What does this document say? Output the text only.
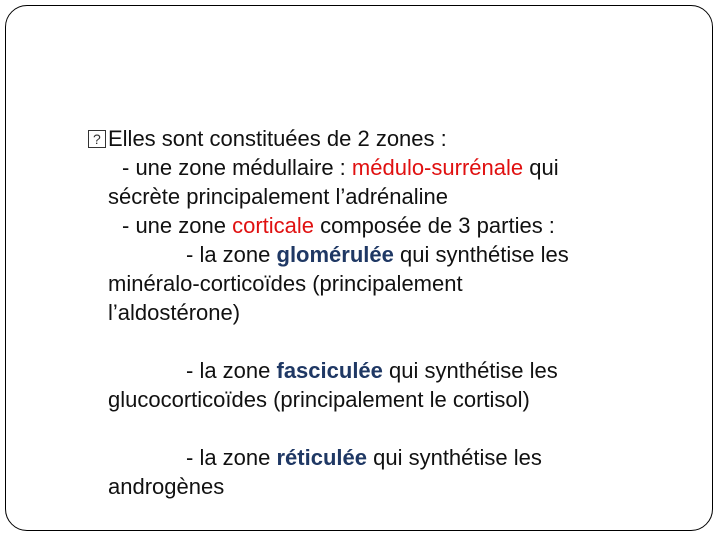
?Elles sont constituées de 2 zones :
- une zone médullaire : médulo-surrénale qui
sécrète principalement l’adrénaline
- une zone corticale composée de 3 parties :
- la zone glomérulée qui synthétise les
minéralo-corticoïdes (principalement
l’aldostérone)
- la zone fasciculée qui synthétise les
glucocorticoïdes (principalement le cortisol)
- la zone réticulée qui synthétise les
androgènes
